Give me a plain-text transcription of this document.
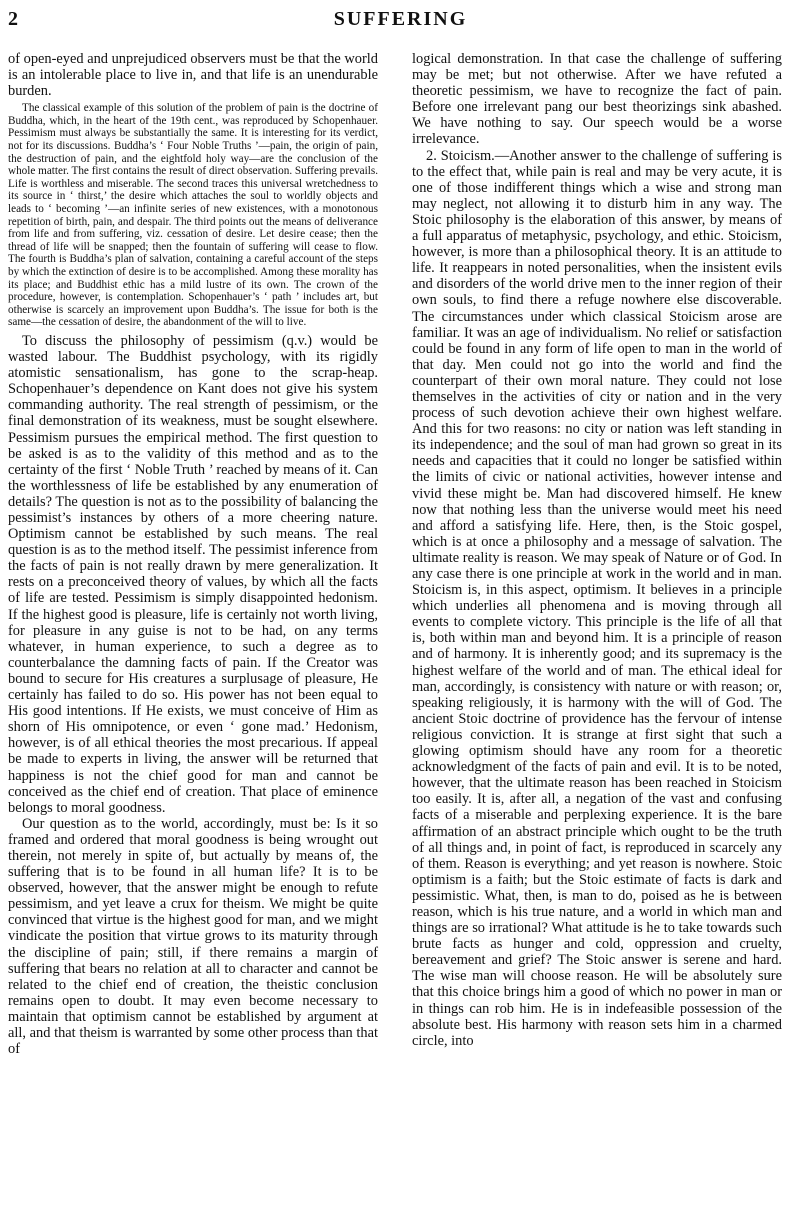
2	SUFFERING

of open-eyed and unprejudiced observers must be that the world is an intolerable place to live in, and that life is an unendurable burden.

The classical example of this solution of the problem of pain is the doctrine of Buddha, which, in the heart of the 19th cent., was reproduced by Schopenhauer. Pessimism must always be substantially the same. It is interesting for its verdict, not for its discussions. Buddha’s ‘ Four Noble Truths ’—pain, the origin of pain, the destruction of pain, and the eightfold holy way—are the conclusion of the whole matter. The first contains the result of direct observation. Suffering prevails. Life is worthless and miserable. The second traces this universal wretchedness to its source in ‘ thirst,’ the desire which attaches the soul to worldly objects and leads to ‘ becoming ’—an infinite series of new existences, with a monotonous repetition of birth, pain, and despair. The third points out the means of deliverance from life and from suffering, viz. cessation of desire. Let desire cease; then the thread of life will be snapped; then the fountain of suffering will cease to flow. The fourth is Buddha’s plan of salvation, containing a careful account of the steps by which the extinction of desire is to be accomplished. Among these morality has its place; and Buddhist ethic has a mild lustre of its own. The crown of the procedure, however, is contemplation. Schopenhauer’s ‘ path ’ includes art, but otherwise is scarcely an improvement upon Buddha’s. The issue for both is the same—the cessation of desire, the abandonment of the will to live.

To discuss the philosophy of pessimism (q.v.) would be wasted labour. The Buddhist psychology, with its rigidly atomistic sensationalism, has gone to the scrap-heap. Schopenhauer’s dependence on Kant does not give his system commanding authority. The real strength of pessimism, or the final demonstration of its weakness, must be sought elsewhere. Pessimism pursues the empirical method. The first question to be asked is as to the validity of this method and as to the certainty of the first ‘ Noble Truth ’ reached by means of it. Can the worthlessness of life be established by any enumeration of details? The question is not as to the possibility of balancing the pessimist’s instances by others of a more cheering nature. Optimism cannot be established by such means. The real question is as to the method itself. The pessimist inference from the facts of pain is not really drawn by mere generalization. It rests on a preconceived theory of values, by which all the facts of life are tested. Pessimism is simply disappointed hedonism. If the highest good is pleasure, life is certainly not worth living, for pleasure in any guise is not to be had, on any terms whatever, in human experience, to such a degree as to counterbalance the damning facts of pain. If the Creator was bound to secure for His creatures a surplusage of pleasure, He certainly has failed to do so. His power has not been equal to His good intentions. If He exists, we must conceive of Him as shorn of His omnipotence, or even ‘ gone mad.’ Hedonism, however, is of all ethical theories the most precarious. If appeal be made to experts in living, the answer will be returned that happiness is not the chief good for man and cannot be conceived as the chief end of creation. That place of eminence belongs to moral goodness.

Our question as to the world, accordingly, must be: Is it so framed and ordered that moral goodness is being wrought out therein, not merely in spite of, but actually by means of, the suffering that is to be found in all human life? It is to be observed, however, that the answer might be enough to refute pessimism, and yet leave a crux for theism. We might be quite convinced that virtue is the highest good for man, and we might vindicate the position that virtue grows to its maturity through the discipline of pain; still, if there remains a margin of suffering that bears no relation at all to character and cannot be related to the chief end of creation, the theistic conclusion remains open to doubt. It may even become necessary to maintain that optimism cannot be established by argument at all, and that theism is warranted by some other process than that of

logical demonstration. In that case the challenge of suffering may be met; but not otherwise. After we have refuted a theoretic pessimism, we have to recognize the fact of pain. Before one irrelevant pang our best theorizings sink abashed. We have nothing to say. Our speech would be a worse irrelevance.

2. Stoicism.—Another answer to the challenge of suffering is to the effect that, while pain is real and may be very acute, it is one of those indifferent things which a wise and strong man may neglect, not allowing it to disturb him in any way. The Stoic philosophy is the elaboration of this answer, by means of a full apparatus of metaphysic, psychology, and ethic. Stoicism, however, is more than a philosophical theory. It is an attitude to life. It reappears in noted personalities, when the insistent evils and disorders of the world drive men to the inner region of their own souls, to find there a refuge nowhere else discoverable. The circumstances under which classical Stoicism arose are familiar. It was an age of individualism. No relief or satisfaction could be found in any form of life open to man in the world of that day. Men could not go into the world and find the counterpart of their own moral nature. They could not lose themselves in the activities of city or nation and in the very process of such devotion achieve their own highest welfare. And this for two reasons: no city or nation was left standing in its independence; and the soul of man had grown so great in its needs and capacities that it could no longer be satisfied within the limits of civic or national activities, however intense and vivid these might be. Man had discovered himself. He knew now that nothing less than the universe would meet his need and afford a satisfying life. Here, then, is the Stoic gospel, which is at once a philosophy and a message of salvation. The ultimate reality is reason. We may speak of Nature or of God. In any case there is one principle at work in the world and in man. Stoicism is, in this aspect, optimism. It believes in a principle which underlies all phenomena and is moving through all events to complete victory. This principle is the life of all that is, both within man and beyond him. It is a principle of reason and of harmony. It is inherently good; and its supremacy is the highest welfare of the world and of man. The ethical ideal for man, accordingly, is consistency with nature or with reason; or, speaking religiously, it is harmony with the will of God. The ancient Stoic doctrine of providence has the fervour of intense religious conviction. It is strange at first sight that such a glowing optimism should have any room for a theoretic acknowledgment of the facts of pain and evil. It is to be noted, however, that the ultimate reason has been reached in Stoicism too easily. It is, after all, a negation of the vast and confusing facts of a miserable and perplexing experience. It is the bare affirmation of an abstract principle which ought to be the truth of all things and, in point of fact, is reproduced in scarcely any of them. Reason is everything; and yet reason is nowhere. Stoic optimism is a faith; but the Stoic estimate of facts is dark and pessimistic. What, then, is man to do, poised as he is between reason, which is his true nature, and a world in which man and things are so irrational? What attitude is he to take towards such brute facts as hunger and cold, oppression and cruelty, bereavement and grief? The Stoic answer is serene and hard. The wise man will choose reason. He will be absolutely sure that this choice brings him a good of which no power in man or in things can rob him. He is in indefeasible possession of the absolute best. His harmony with reason sets him in a charmed circle, into
